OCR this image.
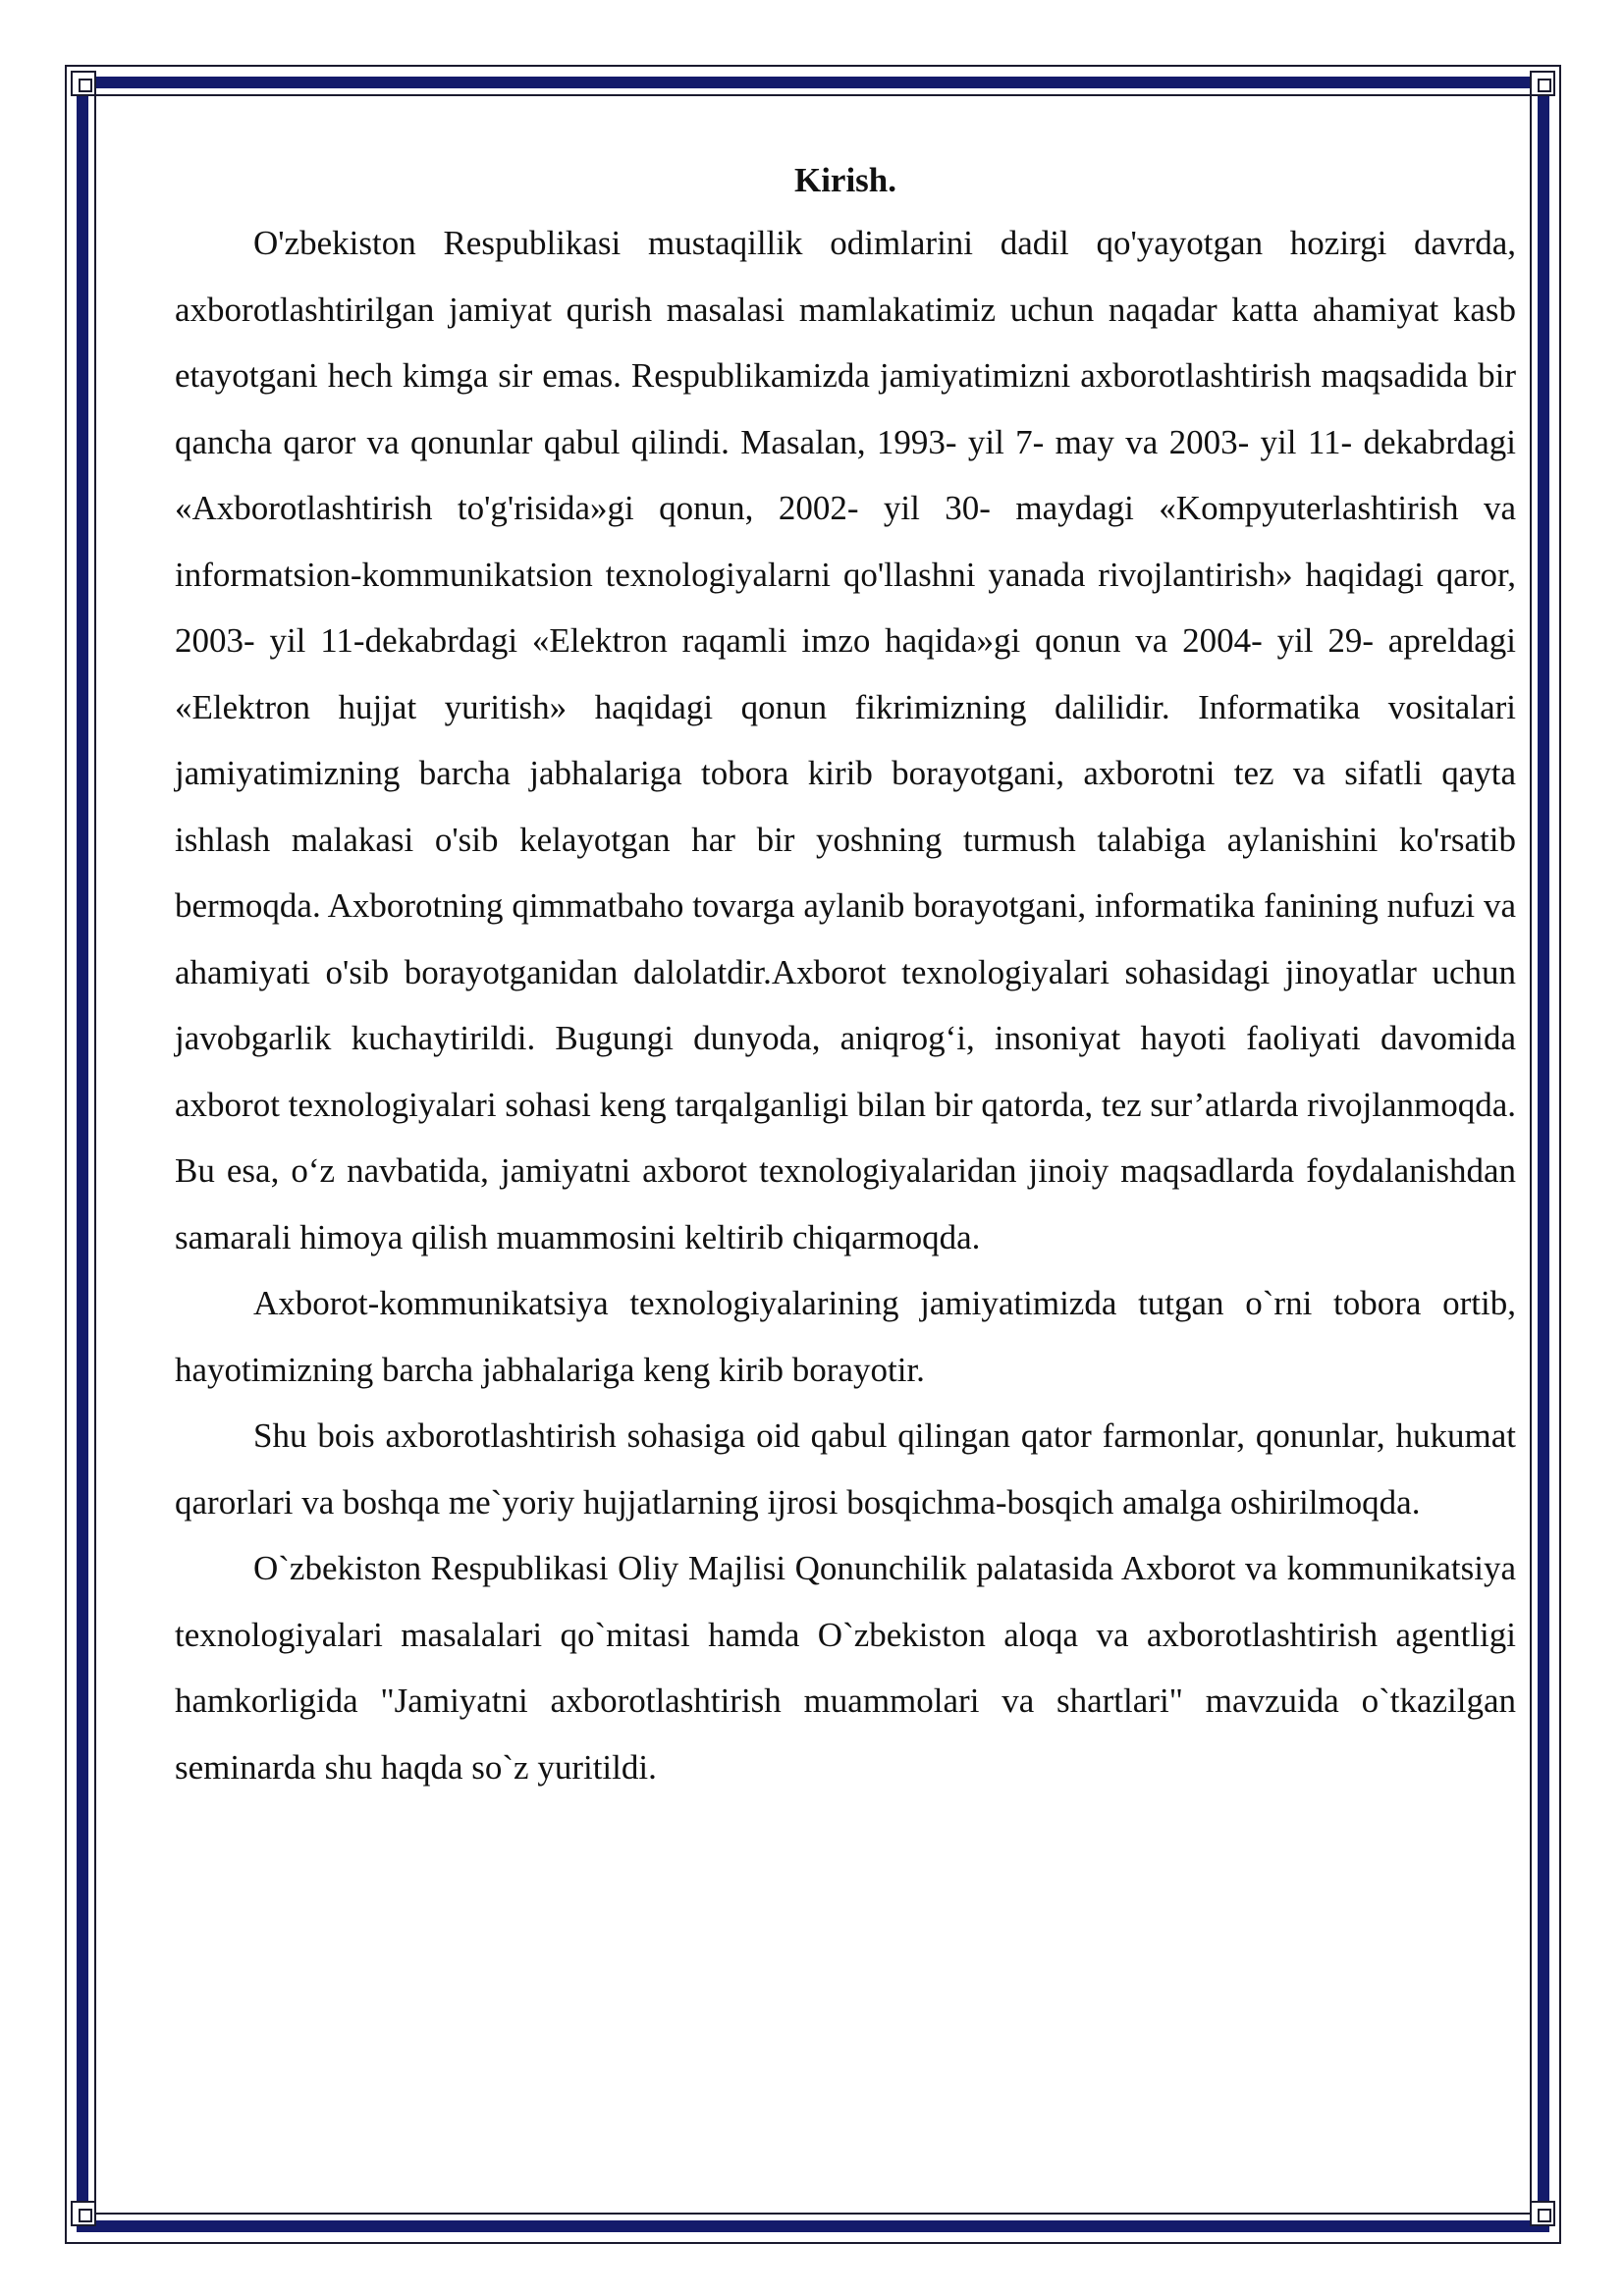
Kirish.

O'zbekiston Respublikasi mustaqillik odimlarini dadil qo'yayotgan hozirgi davrda, axborotlashtirilgan jamiyat qurish masalasi mamlakatimiz uchun naqadar katta ahamiyat kasb etayotgani hech kimga sir emas. Respublikamizda jamiyatimizni axborotlashtirish maqsadida bir qancha qaror va qonunlar qabul qilindi. Masalan, 1993- yil 7- may va 2003- yil 11- dekabrdagi «Axborotlashtirish to'g'risida»gi qonun, 2002- yil 30- maydagi «Kompyuterlashtirish va informatsion-kommunikatsion texnologiyalarni qo'llashni yanada rivojlantirish» haqidagi qaror, 2003- yil 11-dekabrdagi «Elektron raqamli imzo haqida»gi qonun va 2004- yil 29- apreldagi «Elektron hujjat yuritish» haqidagi qonun fikrimizning dalilidir. Informatika vositalari jamiyatimizning barcha jabhalariga tobora kirib borayotgani, axborotni tez va sifatli qayta ishlash malakasi o'sib kelayotgan har bir yoshning turmush talabiga aylanishini ko'rsatib bermoqda. Axborotning qimmatbaho tovarga aylanib borayotgani, informatika fanining nufuzi va ahamiyati o'sib borayotganidan dalolatdir.Axborot texnologiyalari sohasidagi jinoyatlar uchun javobgarlik kuchaytirildi. Bugungi dunyoda, aniqrog‘i, insoniyat hayoti faoliyati davomida axborot texnologiyalari sohasi keng tarqalganligi bilan bir qatorda, tez sur’atlarda rivojlanmoqda. Bu esa, o‘z navbatida, jamiyatni axborot texnologiyalaridan jinoiy maqsadlarda foydalanishdan samarali himoya qilish muammosini keltirib chiqarmoqda.

Axborot-kommunikatsiya texnologiyalarining jamiyatimizda tutgan o`rni tobora ortib, hayotimizning barcha jabhalariga keng kirib borayotir.

Shu bois axborotlashtirish sohasiga oid qabul qilingan qator farmonlar, qonunlar, hukumat qarorlari va boshqa me`yoriy hujjatlarning ijrosi bosqichma-bosqich amalga oshirilmoqda.

O`zbekiston Respublikasi Oliy Majlisi Qonunchilik palatasida Axborot va kommunikatsiya texnologiyalari masalalari qo`mitasi hamda O`zbekiston aloqa va axborotlashtirish agentligi hamkorligida "Jamiyatni axborotlashtirish muammolari va shartlari" mavzuida o`tkazilgan seminarda shu haqda so`z yuritildi.
